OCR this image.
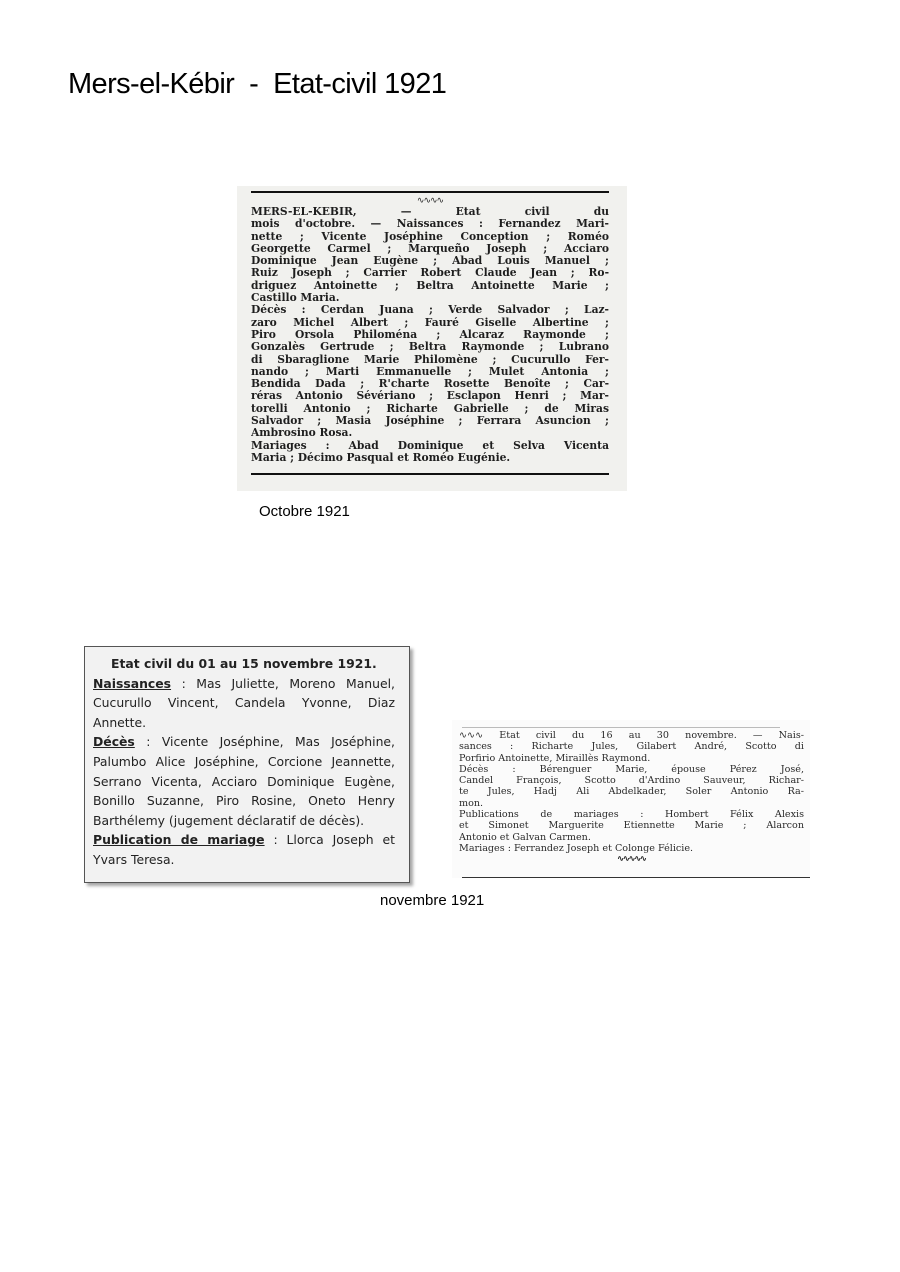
Mers-el-Kébir  -  Etat-civil 1921
∿∿∿∿
MERS-EL-KEBIR, — Etat civil du
mois d'octobre. — Naissances : Fernandez Mari-
nette ; Vicente Joséphine Conception ; Roméo
Georgette Carmel ; Marqueño Joseph ; Acciaro
Dominique Jean Eugène ; Abad Louis Manuel ;
Ruiz Joseph ; Carrier Robert Claude Jean ; Ro-
driguez Antoinette ; Beltra Antoinette Marie ;
Castillo Maria.
Décès : Cerdan Juana ; Verde Salvador ; Laz-
zaro Michel Albert ; Fauré Giselle Albertine ;
Piro Orsola Philoména ; Alcaraz Raymonde ;
Gonzalès Gertrude ; Beltra Raymonde ; Lubrano
di Sbaraglione Marie Philomène ; Cucurullo Fer-
nando ; Marti Emmanuelle ; Mulet Antonia ;
Bendida Dada ; R'charte Rosette Benoîte ; Car-
réras Antonio Sévériano ; Esclapon Henri ; Mar-
torelli Antonio ; Richarte Gabrielle ; de Miras
Salvador ; Masia Joséphine ; Ferrara Asuncion ;
Ambrosino Rosa.
Mariages : Abad Dominique et Selva Vicenta
Maria ; Décimo Pasqual et Roméo Eugénie.
Octobre 1921
Etat civil du 01 au 15 novembre 1921.
Naissances : Mas Juliette, Moreno Manuel, Cucurullo Vincent, Candela Yvonne, Diaz Annette.
Décès : Vicente Joséphine, Mas Joséphine, Palumbo Alice Joséphine, Corcione Jeannette, Serrano Vicenta, Acciaro Dominique Eugène, Bonillo Suzanne, Piro Rosine, Oneto Henry Barthélemy (jugement déclaratif de décès).
Publication de mariage : Llorca Joseph et Yvars Teresa.
∿∿∿ Etat civil du 16 au 30 novembre. — Nais-
sances : Richarte Jules, Gilabert André, Scotto di
Porfirio Antoinette, Miraillès Raymond.
Décès : Bérenguer Marie, épouse Pérez José,
Candel François, Scotto d'Ardino Sauveur, Richar-
te Jules, Hadj Ali Abdelkader, Soler Antonio Ra-
mon.
Publications de mariages : Hombert Félix Alexis
et Simonet Marguerite Etiennette Marie ; Alarcon
Antonio et Galvan Carmen.
Mariages : Ferrandez Joseph et Colonge Félicie.
∿∿∿∿∿
novembre 1921
